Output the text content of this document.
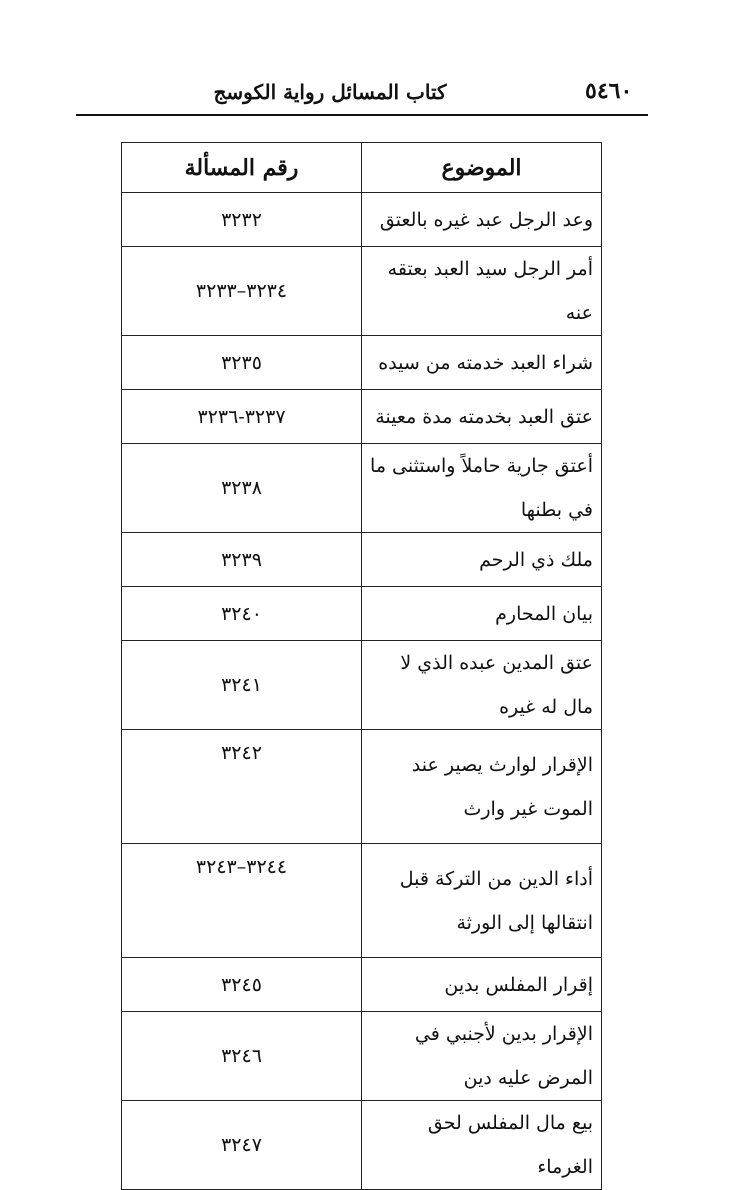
كتاب المسائل رواية الكوسج	٥٤٦٠
الموضوع	رقم المسألة
وعد الرجل عبد غيره بالعتق	٣٢٣٢
أمر الرجل سيد العبد بعتقه عنه	٣٢٣٤–٣٢٣٣
شراء العبد خدمته من سيده	٣٢٣٥
عتق العبد بخدمته مدة معينة	٣٢٣٧-٣٢٣٦
أعتق جارية حاملاً واستثنى ما في بطنها	٣٢٣٨
ملك ذي الرحم	٣٢٣٩
بيان المحارم	٣٢٤٠
عتق المدين عبده الذي لا مال له غيره	٣٢٤١
الإقرار لوارث يصير عند الموت غير وارث	٣٢٤٢
أداء الدين من التركة قبل انتقالها إلى الورثة	٣٢٤٤–٣٢٤٣
إقرار المفلس بدين	٣٢٤٥
الإقرار بدين لأجنبي في المرض عليه دين	٣٢٤٦
بيع مال المفلس لحق الغرماء	٣٢٤٧
